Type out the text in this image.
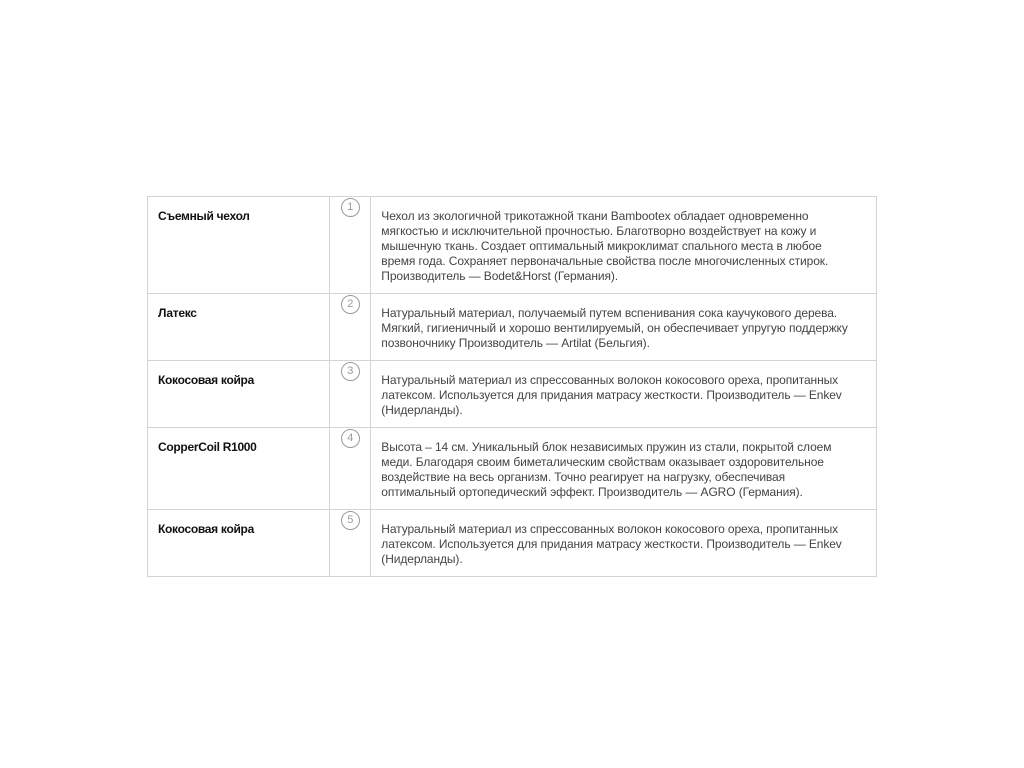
Съемный чехол	1	Чехол из экологичной трикотажной ткани Bambootex обладает одновременно мягкостью и исключительной прочностью. Благотворно воздействует на кожу и мышечную ткань. Создает оптимальный микроклимат спального места в любое время года. Сохраняет первоначальные свойства после многочисленных стирок. Производитель — Bodet&Horst (Германия).

Латекс	2	Натуральный материал, получаемый путем вспенивания сока каучукового дерева. Мягкий, гигиеничный и хорошо вентилируемый, он обеспечивает упругую поддержку позвоночнику Производитель — Artilat (Бельгия).

Кокосовая койра	3	Натуральный материал из спрессованных волокон кокосового ореха, пропитанных латексом. Используется для придания матрасу жесткости. Производитель — Enkev (Нидерланды).

CopperCoil R1000	4	Высота – 14 см. Уникальный блок независимых пружин из стали, покрытой слоем меди. Благодаря своим биметалическим свойствам оказывает оздоровительное воздействие на весь организм. Точно реагирует на нагрузку, обеспечивая оптимальный ортопедический эффект. Производитель — AGRO (Германия).

Кокосовая койра	5	Натуральный материал из спрессованных волокон кокосового ореха, пропитанных латексом. Используется для придания матрасу жесткости. Производитель — Enkev (Нидерланды).
